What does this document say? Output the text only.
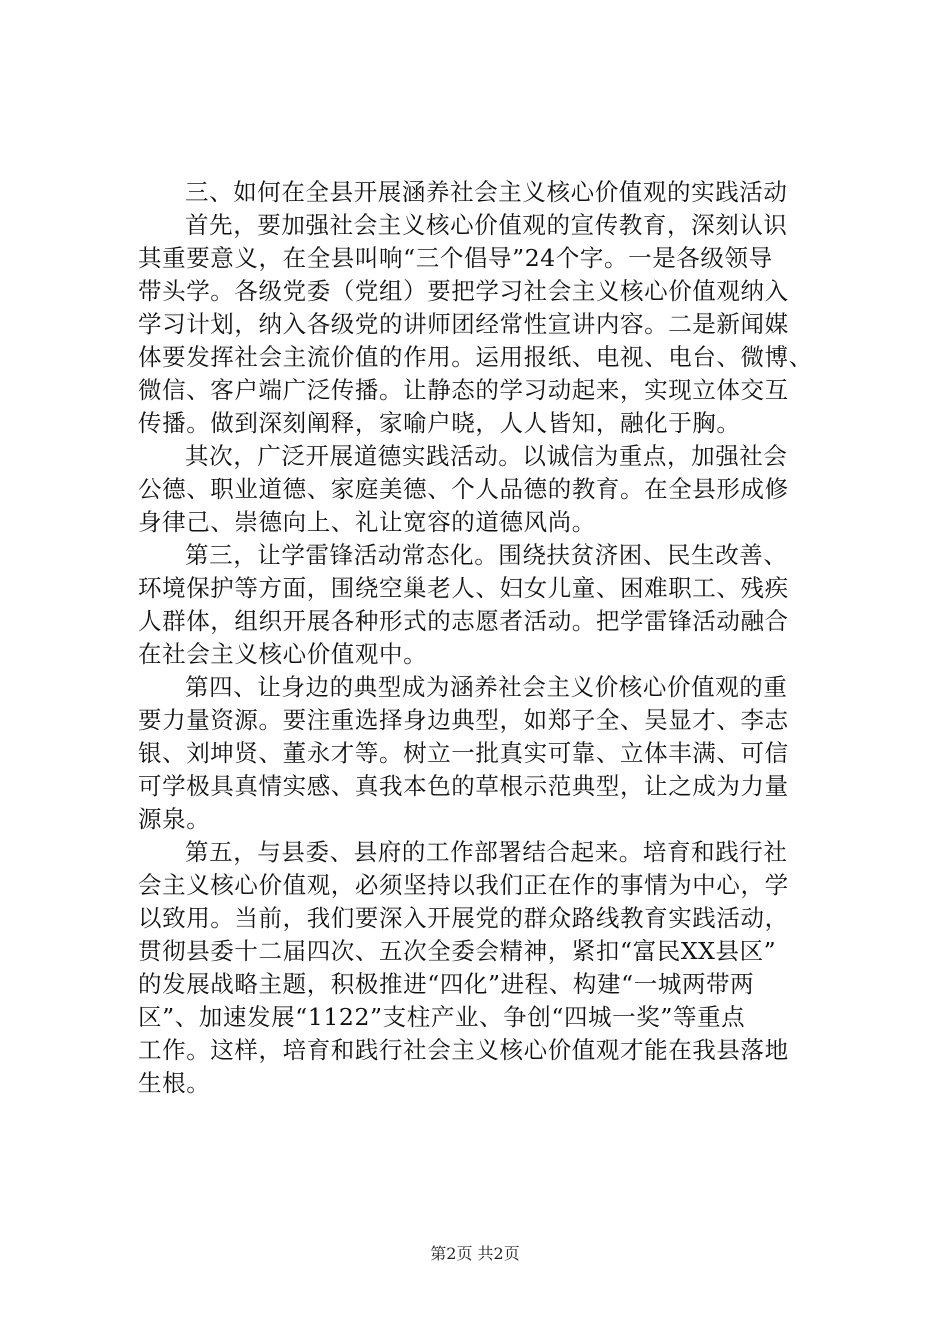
三、如何在全县开展涵养社会主义核心价值观的实践活动
首先，要加强社会主义核心价值观的宣传教育，深刻认识
其重要意义，在全县叫响“三个倡导”24个字。一是各级领导
带头学。各级党委（党组）要把学习社会主义核心价值观纳入
学习计划，纳入各级党的讲师团经常性宣讲内容。二是新闻媒
体要发挥社会主流价值的作用。运用报纸、电视、电台、微博、
微信、客户端广泛传播。让静态的学习动起来，实现立体交互
传播。做到深刻阐释，家喻户晓，人人皆知，融化于胸。
其次，广泛开展道德实践活动。以诚信为重点，加强社会
公德、职业道德、家庭美德、个人品德的教育。在全县形成修
身律己、崇德向上、礼让宽容的道德风尚。
第三，让学雷锋活动常态化。围绕扶贫济困、民生改善、
环境保护等方面，围绕空巢老人、妇女儿童、困难职工、残疾
人群体，组织开展各种形式的志愿者活动。把学雷锋活动融合
在社会主义核心价值观中。
第四、让身边的典型成为涵养社会主义价核心价值观的重
要力量资源。要注重选择身边典型，如郑子全、吴显才、李志
银、刘坤贤、董永才等。树立一批真实可靠、立体丰满、可信
可学极具真情实感、真我本色的草根示范典型，让之成为力量
源泉。
第五，与县委、县府的工作部署结合起来。培育和践行社
会主义核心价值观，必须坚持以我们正在作的事情为中心，学
以致用。当前，我们要深入开展党的群众路线教育实践活动，
贯彻县委十二届四次、五次全委会精神，紧扣“富民XX县区”
的发展战略主题，积极推进“四化”进程、构建“一城两带两
区”、加速发展“1122”支柱产业、争创“四城一奖”等重点
工作。这样，培育和践行社会主义核心价值观才能在我县落地
生根。
第2页 共2页
